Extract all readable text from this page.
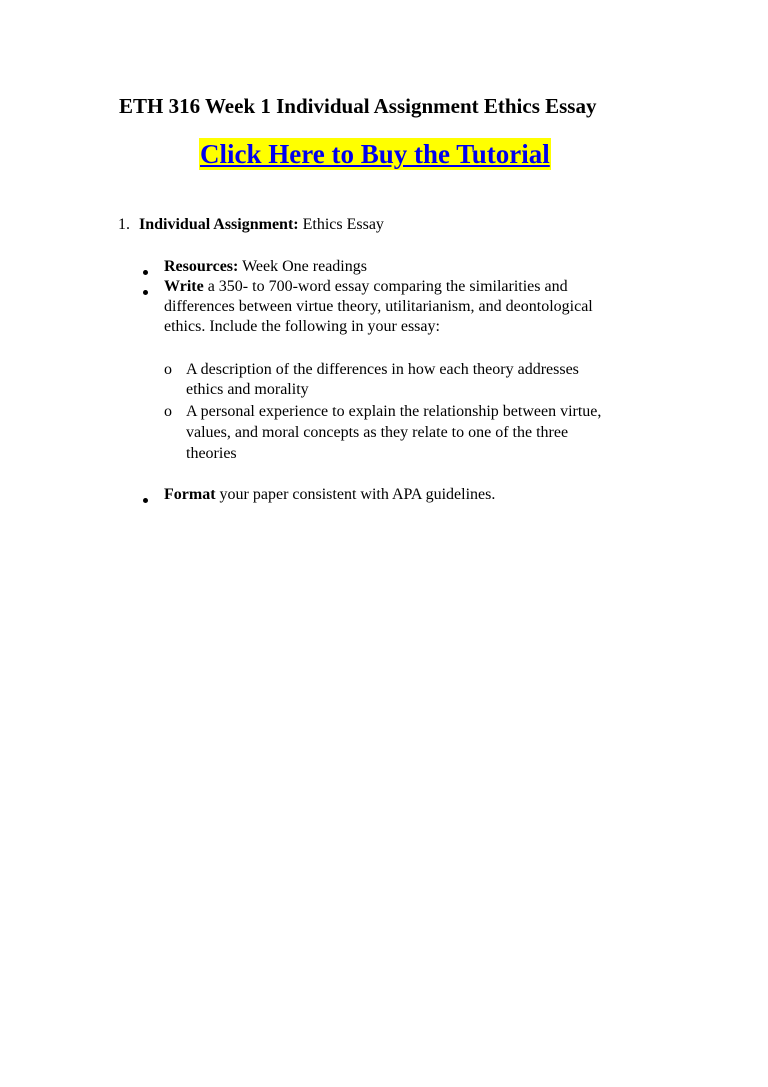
ETH 316 Week 1 Individual Assignment Ethics Essay
Click Here to Buy the Tutorial
1. Individual Assignment: Ethics Essay
Resources: Week One readings
Write a 350- to 700-word essay comparing the similarities and
differences between virtue theory, utilitarianism, and deontological
ethics. Include the following in your essay:
o A description of the differences in how each theory addresses
ethics and morality
o A personal experience to explain the relationship between virtue,
values, and moral concepts as they relate to one of the three
theories
Format your paper consistent with APA guidelines.
